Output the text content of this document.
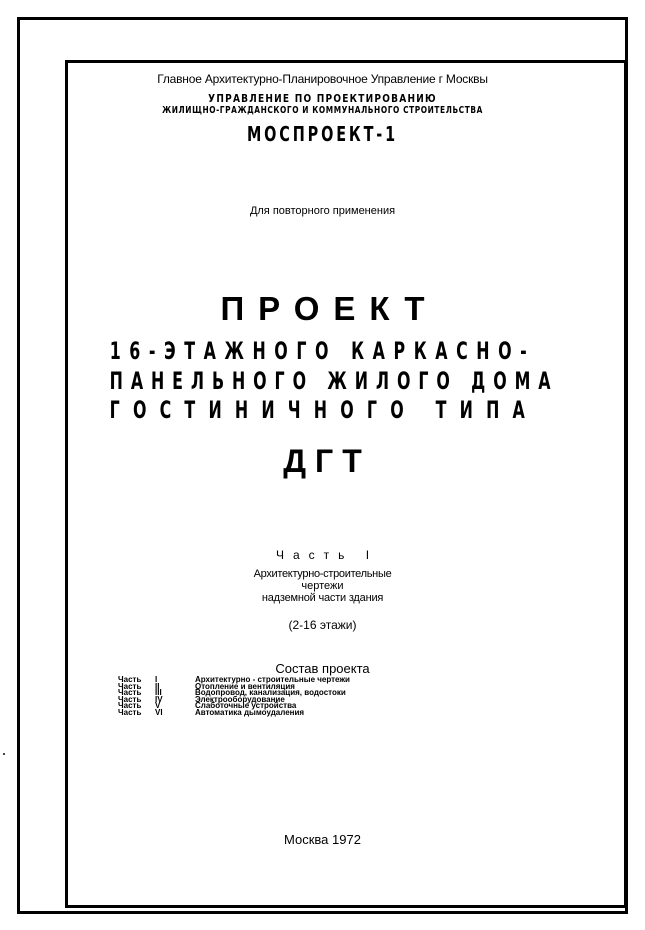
Главное Архитектурно-Планировочное Управление г Москвы
УПРАВЛЕНИЕ ПО ПРОЕКТИРОВАНИЮ
ЖИЛИЩНО-ГРАЖДАНСКОГО И КОММУНАЛЬНОГО СТРОИТЕЛЬСТВА
МОСПРОЕКТ-1
Для повторного применения
ПРОЕКТ
16-ЭТАЖНОГО КАРКАСНО-
ПАНЕЛЬНОГО ЖИЛОГО ДОМА
ГОСТИНИЧНОГО ТИПА
ДГТ
Часть I
Архитектурно-строительные
чертежи
надземной части здания
(2-16 этажи)
Состав проекта
Часть I	Архитектурно - строительные чертежи
Часть II	Отопление и вентиляция
Часть III	Водопровод, канализация, водостоки
Часть IV	Электрооборудование
Часть V	Слаботочные устройства
Часть VI	Автоматика дымоудаления
Москва 1972
